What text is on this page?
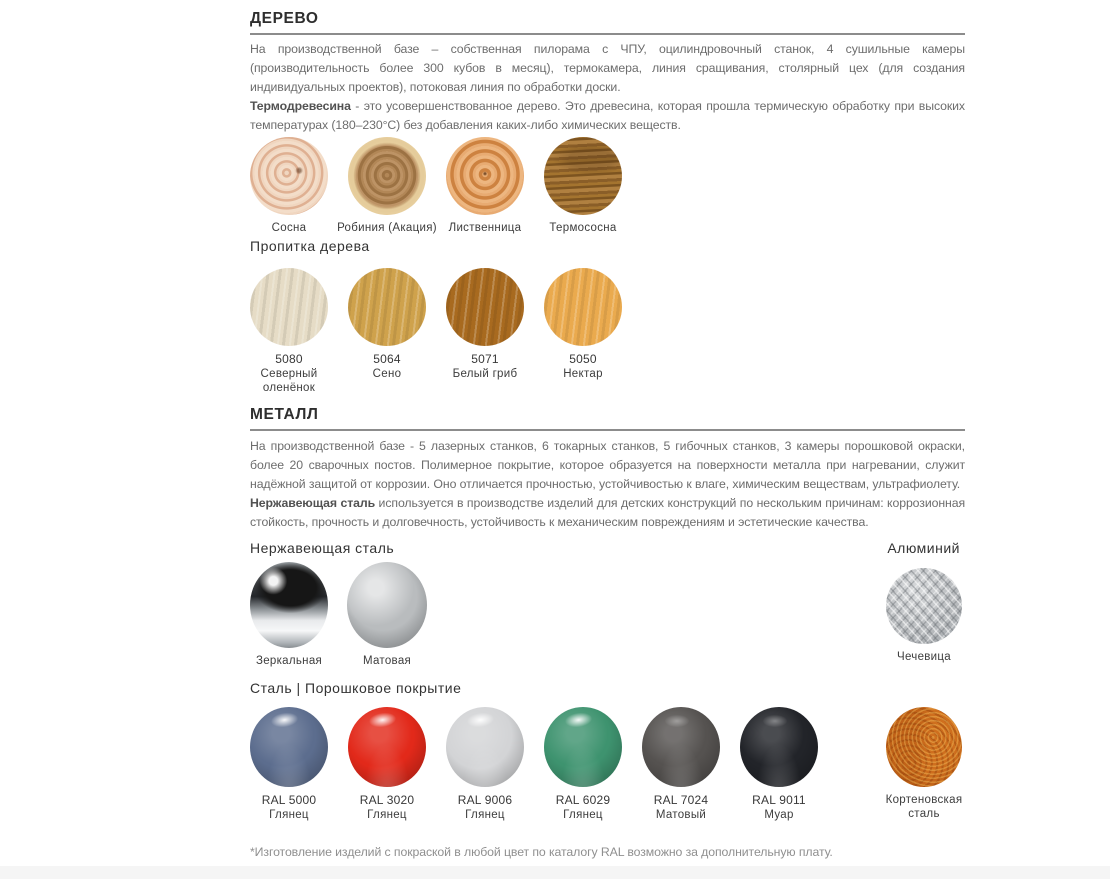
ДЕРЕВО

На производственной базе – собственная пилорама с ЧПУ, оцилиндровочный станок, 4 сушильные камеры (производительность более 300 кубов в месяц), термокамера, линия сращивания, столярный цех (для создания индивидуальных проектов), потоковая линия по обработки доски.

Термодревесина - это усовершенствованное дерево. Это древесина, которая прошла термическую обработку при высоких температурах (180–230°C) без добавления каких-либо химических веществ.

Сосна	Робиния (Акация)	Лиственница	Термососна
Пропитка дерева
5080
Северный оленёнок
5064
Сено
5071
Белый гриб
5050
Нектар
МЕТАЛЛ

На производственной базе - 5 лазерных станков, 6 токарных станков, 5 гибочных станков, 3 камеры порошковой окраски, более 20 сварочных постов. Полимерное покрытие, которое образуется на поверхности металла при нагревании, служит надёжной защитой от коррозии. Оно отличается прочностью, устойчивостью к влаге, химическим веществам, ультрафиолету.

Нержавеющая сталь используется в производстве изделий для детских конструкций по нескольким причинам: коррозионная стойкость, прочность и долговечность, устойчивость к механическим повреждениям и эстетические качества.

Нержавеющая сталь	Алюминий
Зеркальная	Матовая	Чечевица
Сталь | Порошковое покрытие
RAL 5000
Глянец
RAL 3020
Глянец
RAL 9006
Глянец
RAL 6029
Глянец
RAL 7024
Матовый
RAL 9011
Муар
Кортеновская сталь
*Изготовление изделий с покраской в любой цвет по каталогу RAL возможно за дополнительную плату.
